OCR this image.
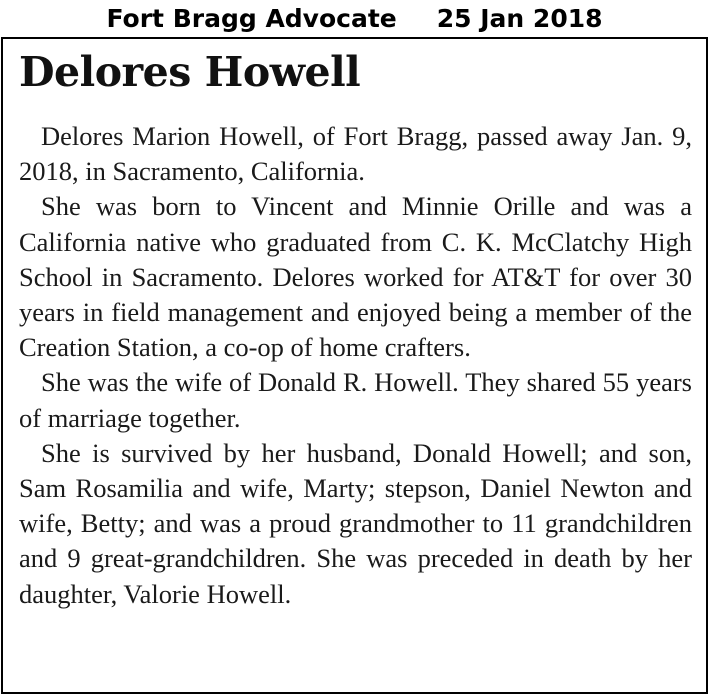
Fort Bragg Advocate 25 Jan 2018
Delores Howell

Delores Marion Howell, of Fort Bragg, passed away Jan. 9, 2018, in Sacramento, California.

She was born to Vincent and Minnie Orille and was a California native who graduated from C. K. McClatchy High School in Sacramento. Delores worked for AT&T for over 30 years in field management and enjoyed being a member of the Creation Station, a co-op of home crafters.

She was the wife of Donald R. Howell. They shared 55 years of marriage together.

She is survived by her husband, Donald Howell; and son, Sam Rosamilia and wife, Marty; stepson, Daniel Newton and wife, Betty; and was a proud grandmother to 11 grandchildren and 9 great-grandchildren. She was preceded in death by her daughter, Valorie Howell.
